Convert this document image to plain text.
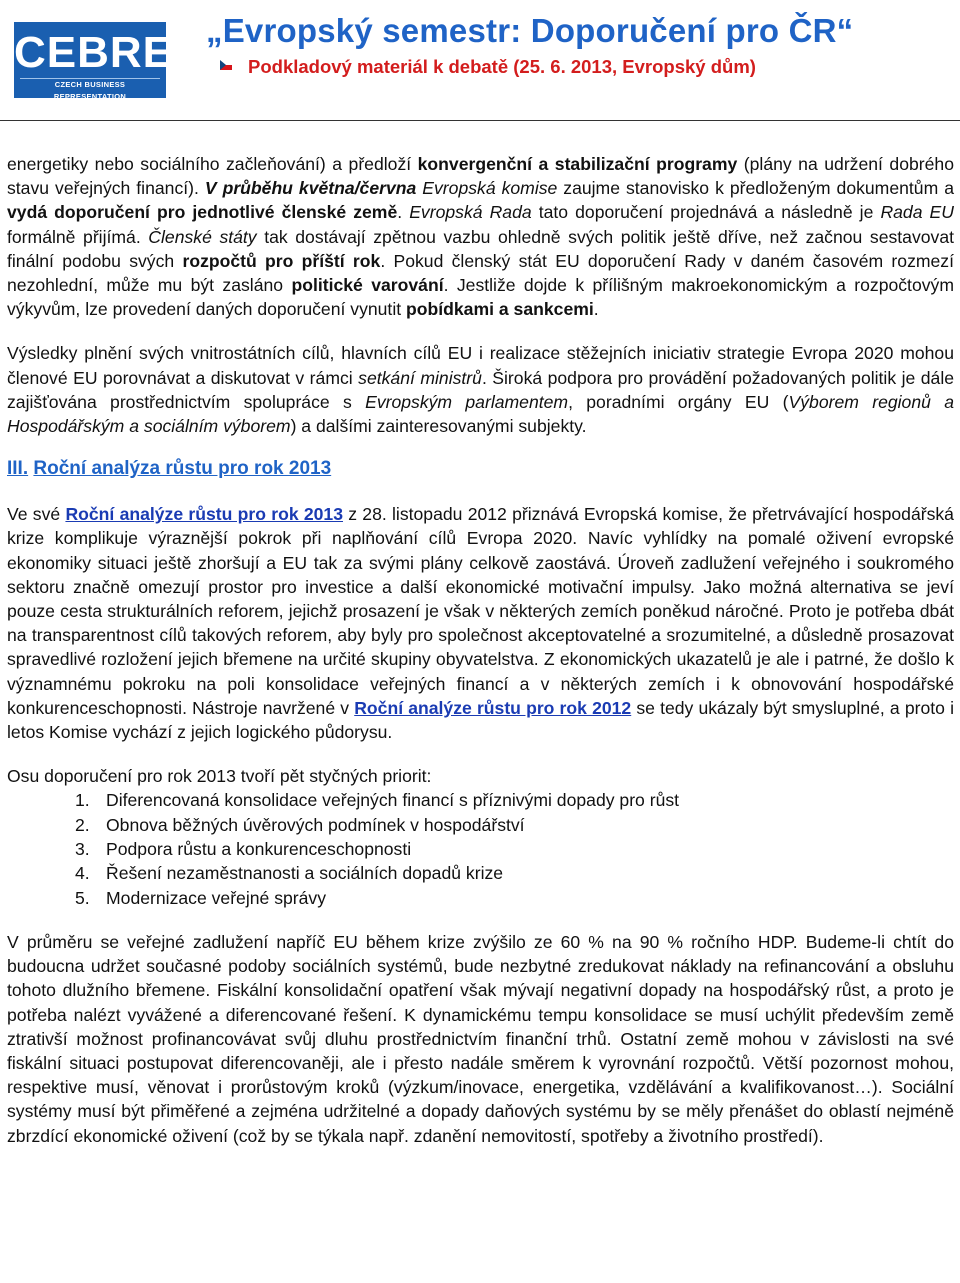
CEBRE
CZECH BUSINESS REPRESENTATION
„Evropský semestr: Doporučení pro ČR“
Podkladový materiál k debatě (25. 6. 2013, Evropský dům)

energetiky nebo sociálního začleňování) a předloží konvergenční a stabilizační programy (plány na udržení dobrého stavu veřejných financí). V průběhu května/června Evropská komise zaujme stanovisko k předloženým dokumentům a vydá doporučení pro jednotlivé členské země. Evropská Rada tato doporučení projednává a následně je Rada EU formálně přijímá. Členské státy tak dostávají zpětnou vazbu ohledně svých politik ještě dříve, než začnou sestavovat finální podobu svých rozpočtů pro příští rok. Pokud členský stát EU doporučení Rady v daném časovém rozmezí nezohlední, může mu být zasláno politické varování. Jestliže dojde k přílišným makroekonomickým a rozpočtovým výkyvům, lze provedení daných doporučení vynutit pobídkami a sankcemi.

Výsledky plnění svých vnitrostátních cílů, hlavních cílů EU i realizace stěžejních iniciativ strategie Evropa 2020 mohou členové EU porovnávat a diskutovat v rámci setkání ministrů. Široká podpora pro provádění požadovaných politik je dále zajišťována prostřednictvím spolupráce s Evropským parlamentem, poradními orgány EU (Výborem regionů a Hospodářským a sociálním výborem) a dalšími zainteresovanými subjekty.

III. Roční analýza růstu pro rok 2013

Ve své Roční analýze růstu pro rok 2013 z 28. listopadu 2012 přiznává Evropská komise, že přetrvávající hospodářská krize komplikuje výraznější pokrok při naplňování cílů Evropa 2020. Navíc vyhlídky na pomalé oživení evropské ekonomiky situaci ještě zhoršují a EU tak za svými plány celkově zaostává. Úroveň zadlužení veřejného i soukromého sektoru značně omezují prostor pro investice a další ekonomické motivační impulsy. Jako možná alternativa se jeví pouze cesta strukturálních reforem, jejichž prosazení je však v některých zemích poněkud náročné. Proto je potřeba dbát na transparentnost cílů takových reforem, aby byly pro společnost akceptovatelné a srozumitelné, a důsledně prosazovat spravedlivé rozložení jejich břemene na určité skupiny obyvatelstva. Z ekonomických ukazatelů je ale i patrné, že došlo k významnému pokroku na poli konsolidace veřejných financí a v některých zemích i k obnovování hospodářské konkurenceschopnosti. Nástroje navržené v Roční analýze růstu pro rok 2012 se tedy ukázaly být smysluplné, a proto i letos Komise vychází z jejich logického půdorysu.

Osu doporučení pro rok 2013 tvoří pět styčných priorit:

1. Diferencovaná konsolidace veřejných financí s příznivými dopady pro růst
2. Obnova běžných úvěrových podmínek v hospodářství
3. Podpora růstu a konkurenceschopnosti
4. Řešení nezaměstnanosti a sociálních dopadů krize
5. Modernizace veřejné správy

V průměru se veřejné zadlužení napříč EU během krize zvýšilo ze 60 % na 90 % ročního HDP. Budeme-li chtít do budoucna udržet současné podoby sociálních systémů, bude nezbytné zredukovat náklady na refinancování a obsluhu tohoto dlužního břemene. Fiskální konsolidační opatření však mývají negativní dopady na hospodářský růst, a proto je potřeba nalézt vyvážené a diferencované řešení. K dynamickému tempu konsolidace se musí uchýlit především země ztrativší možnost profinancovávat svůj dluhu prostřednictvím finanční trhů. Ostatní země mohou v závislosti na své fiskální situaci postupovat diferencovaněji, ale i přesto nadále směrem k vyrovnání rozpočtů. Větší pozornost mohou, respektive musí, věnovat i prorůstovým kroků (výzkum/inovace, energetika, vzdělávání a kvalifikovanost…). Sociální systémy musí být přiměřené a zejména udržitelné a dopady daňových systému by se měly přenášet do oblastí nejméně zbrzdící ekonomické oživení (což by se týkala např. zdanění nemovitostí, spotřeby a životního prostředí).
